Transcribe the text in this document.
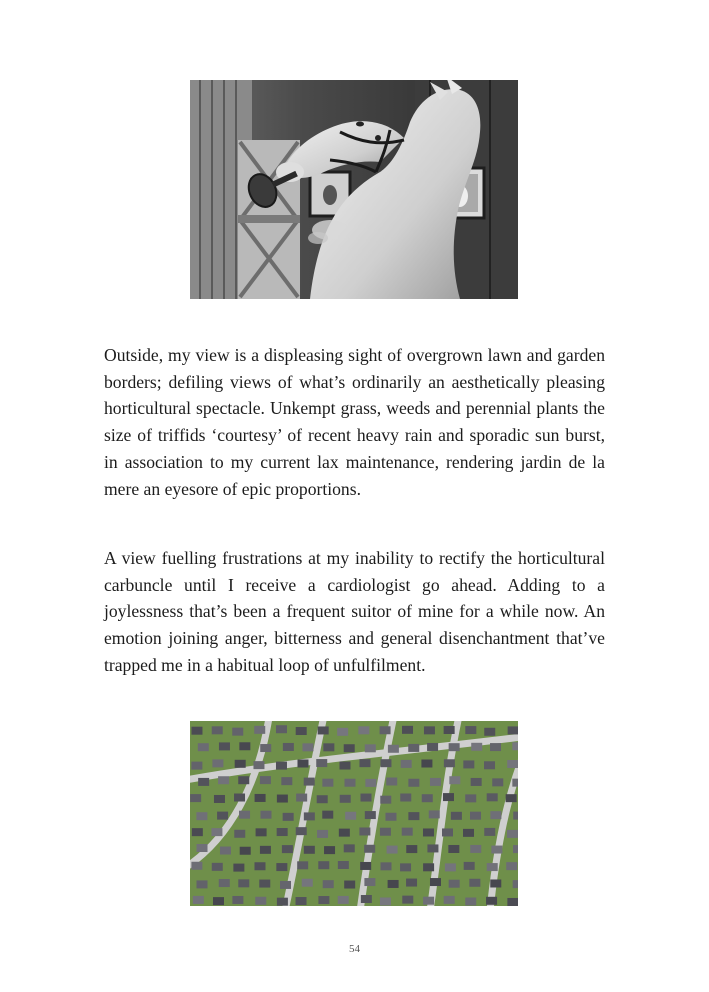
Outside, my view is a displeasing sight of overgrown lawn and garden borders; defiling views of what’s ordinarily an aesthetically pleasing horticultural spectacle. Unkempt grass, weeds and perennial plants the size of triffids ‘courtesy’ of recent heavy rain and sporadic sun burst, in association to my current lax maintenance, rendering jardin de la mere an eyesore of epic proportions.

A view fuelling frustrations at my inability to rectify the horticultural carbuncle until I receive a cardiologist go ahead. Adding to a joylessness that’s been a frequent suitor of mine for a while now. An emotion joining anger, bitterness and general disenchantment that’ve trapped me in a habitual loop of unfulfilment.

54
